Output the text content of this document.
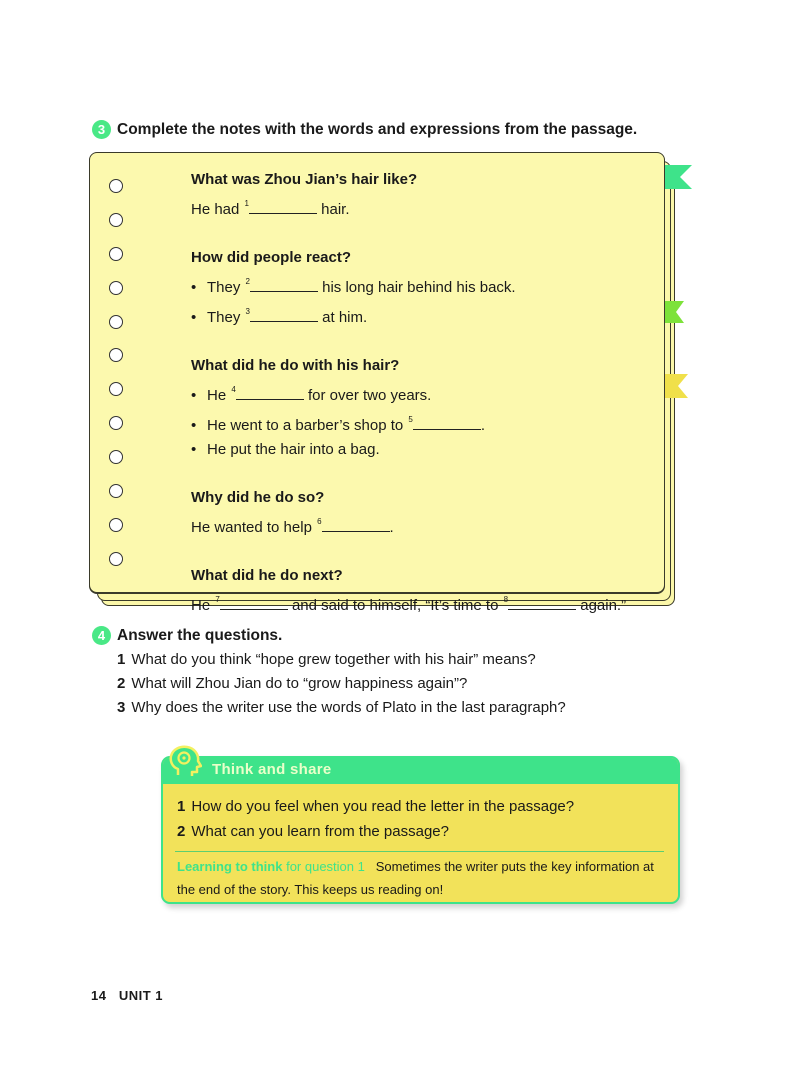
3 Complete the notes with the words and expressions from the passage.
What was Zhou Jian’s hair like?
He had $^1$	hair.
How did people react?
• They $^2$	his long hair behind his back.
• They $^3$	at him.
What did he do with his hair?
• He $^4$	for over two years.
• He went to a barber’s shop to $^5$	.
• He put the hair into a bag.
Why did he do so?
He wanted to help $^6$	.
What did he do next?
He $^7$	and said to himself, “It’s time to $^8$	again.”
4 Answer the questions.
1 What do you think “hope grew together with his hair” means?
2 What will Zhou Jian do to “grow happiness again”?
3 Why does the writer use the words of Plato in the last paragraph?
Think and share
1 How do you feel when you read the letter in the passage?
2 What can you learn from the passage?
Learning to think for question 1 Sometimes the writer puts the key information at the end of the story. This keeps us reading on!
14 UNIT 1
